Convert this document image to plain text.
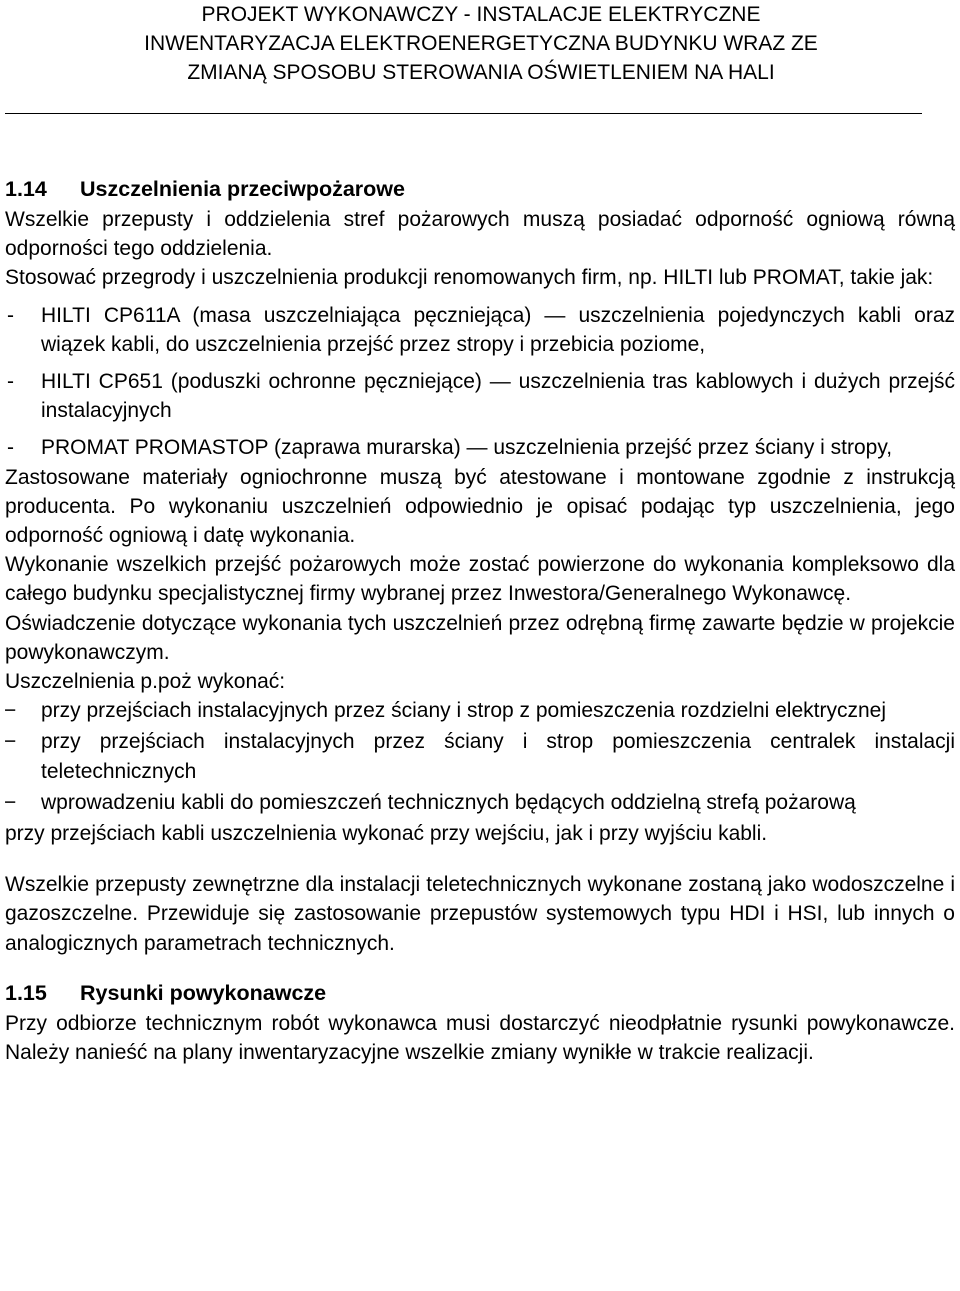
PROJEKT WYKONAWCZY - INSTALACJE ELEKTRYCZNE
INWENTARYZACJA ELEKTROENERGETYCZNA BUDYNKU WRAZ ZE
ZMIANĄ SPOSOBU STEROWANIA OŚWIETLENIEM NA HALI
1.14 Uszczelnienia przeciwpożarowe

Wszelkie przepusty i oddzielenia stref pożarowych muszą posiadać odporność ogniową równą odporności tego oddzielenia.

Stosować przegrody i uszczelnienia produkcji renomowanych firm, np. HILTI lub PROMAT, takie jak:

- HILTI CP611A (masa uszczelniająca pęczniejąca) ― uszczelnienia pojedynczych kabli oraz wiązek kabli, do uszczelnienia przejść przez stropy i przebicia poziome,
- HILTI CP651 (poduszki ochronne pęczniejące) ― uszczelnienia tras kablowych i dużych przejść instalacyjnych
- PROMAT PROMASTOP (zaprawa murarska) ― uszczelnienia przejść przez ściany i stropy,

Zastosowane materiały ogniochronne muszą być atestowane i montowane zgodnie z instrukcją producenta. Po wykonaniu uszczelnień odpowiednio je opisać podając typ uszczelnienia, jego odporność ogniową i datę wykonania.

Wykonanie wszelkich przejść pożarowych może zostać powierzone do wykonania kompleksowo dla całego budynku specjalistycznej firmy wybranej przez Inwestora/Generalnego Wykonawcę.

Oświadczenie dotyczące wykonania tych uszczelnień przez odrębną firmę zawarte będzie w projekcie powykonawczym.

Uszczelnienia p.poż wykonać:

− przy przejściach instalacyjnych przez ściany i strop z pomieszczenia rozdzielni elektrycznej
− przy przejściach instalacyjnych przez ściany i strop pomieszczenia centralek instalacji teletechnicznych
− wprowadzeniu kabli do pomieszczeń technicznych będących oddzielną strefą pożarową

przy przejściach kabli uszczelnienia wykonać przy wejściu, jak i przy wyjściu kabli.

Wszelkie przepusty zewnętrzne dla instalacji teletechnicznych wykonane zostaną jako wodoszczelne i gazoszczelne. Przewiduje się zastosowanie przepustów systemowych typu HDI i HSI, lub innych o analogicznych parametrach technicznych.

1.15 Rysunki powykonawcze

Przy odbiorze technicznym robót wykonawca musi dostarczyć nieodpłatnie rysunki powykonawcze. Należy nanieść na plany inwentaryzacyjne wszelkie zmiany wynikłe w trakcie realizacji.
